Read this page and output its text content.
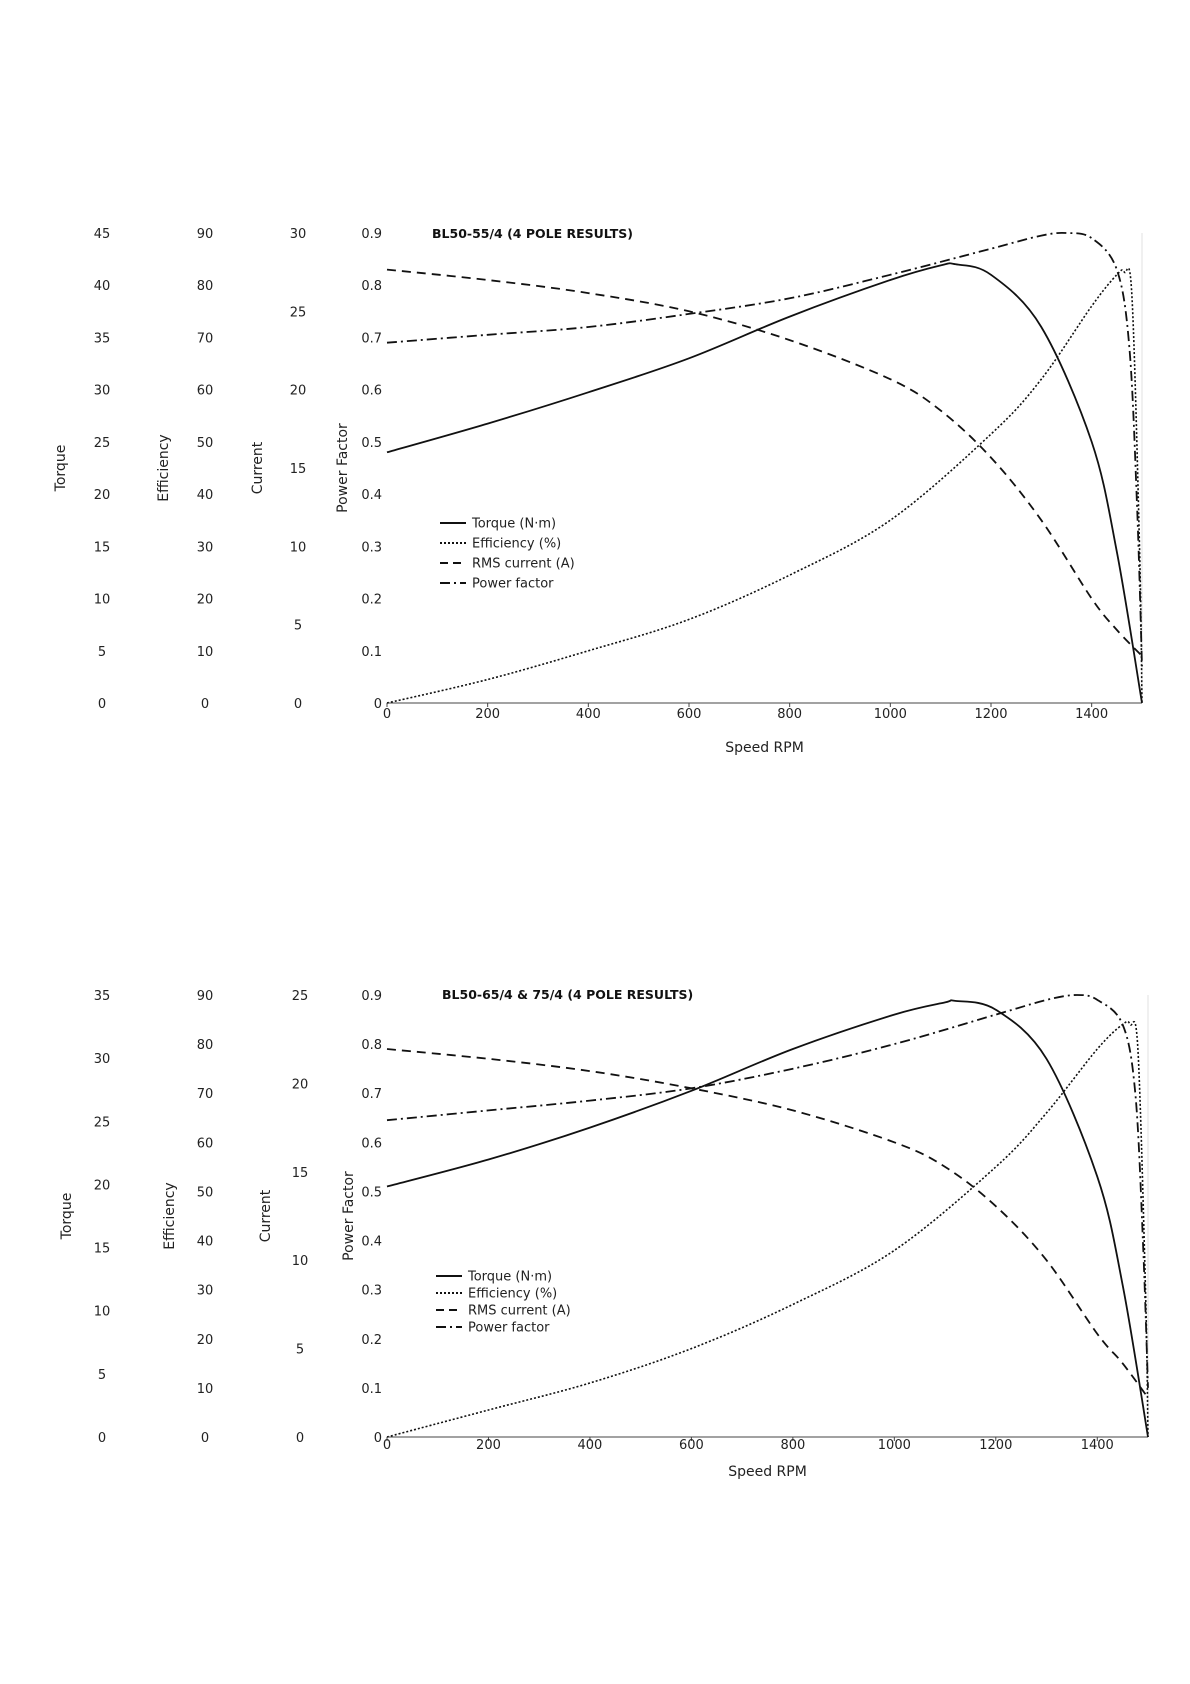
BL50-55/4 (4 POLE RESULTS)
0
5
10
15
20
25
30
35
40
45
Torque
0
10
20
30
40
50
60
70
80
90
Efficiency
0
5
10
15
20
25
30
Current
0
0.1
0.2
0.3
0.4
0.5
0.6
0.7
0.8
0.9
Power Factor
0	200	400	600	800	1000	1200	1400
Speed RPM
Torque (N·m)
Efficiency (%)
RMS current (A)
Power factor
BL50-65/4 & 75/4 (4 POLE RESULTS)
0
5
10
15
20
25
30
35
Torque
0
10
20
30
40
50
60
70
80
90
Efficiency
0
5
10
15
20
25
Current
0
0.1
0.2
0.3
0.4
0.5
0.6
0.7
0.8
0.9
Power Factor
0	200	400	600	800	1000	1200	1400
Speed RPM
Torque (N·m)
Efficiency (%)
RMS current (A)
Power factor
